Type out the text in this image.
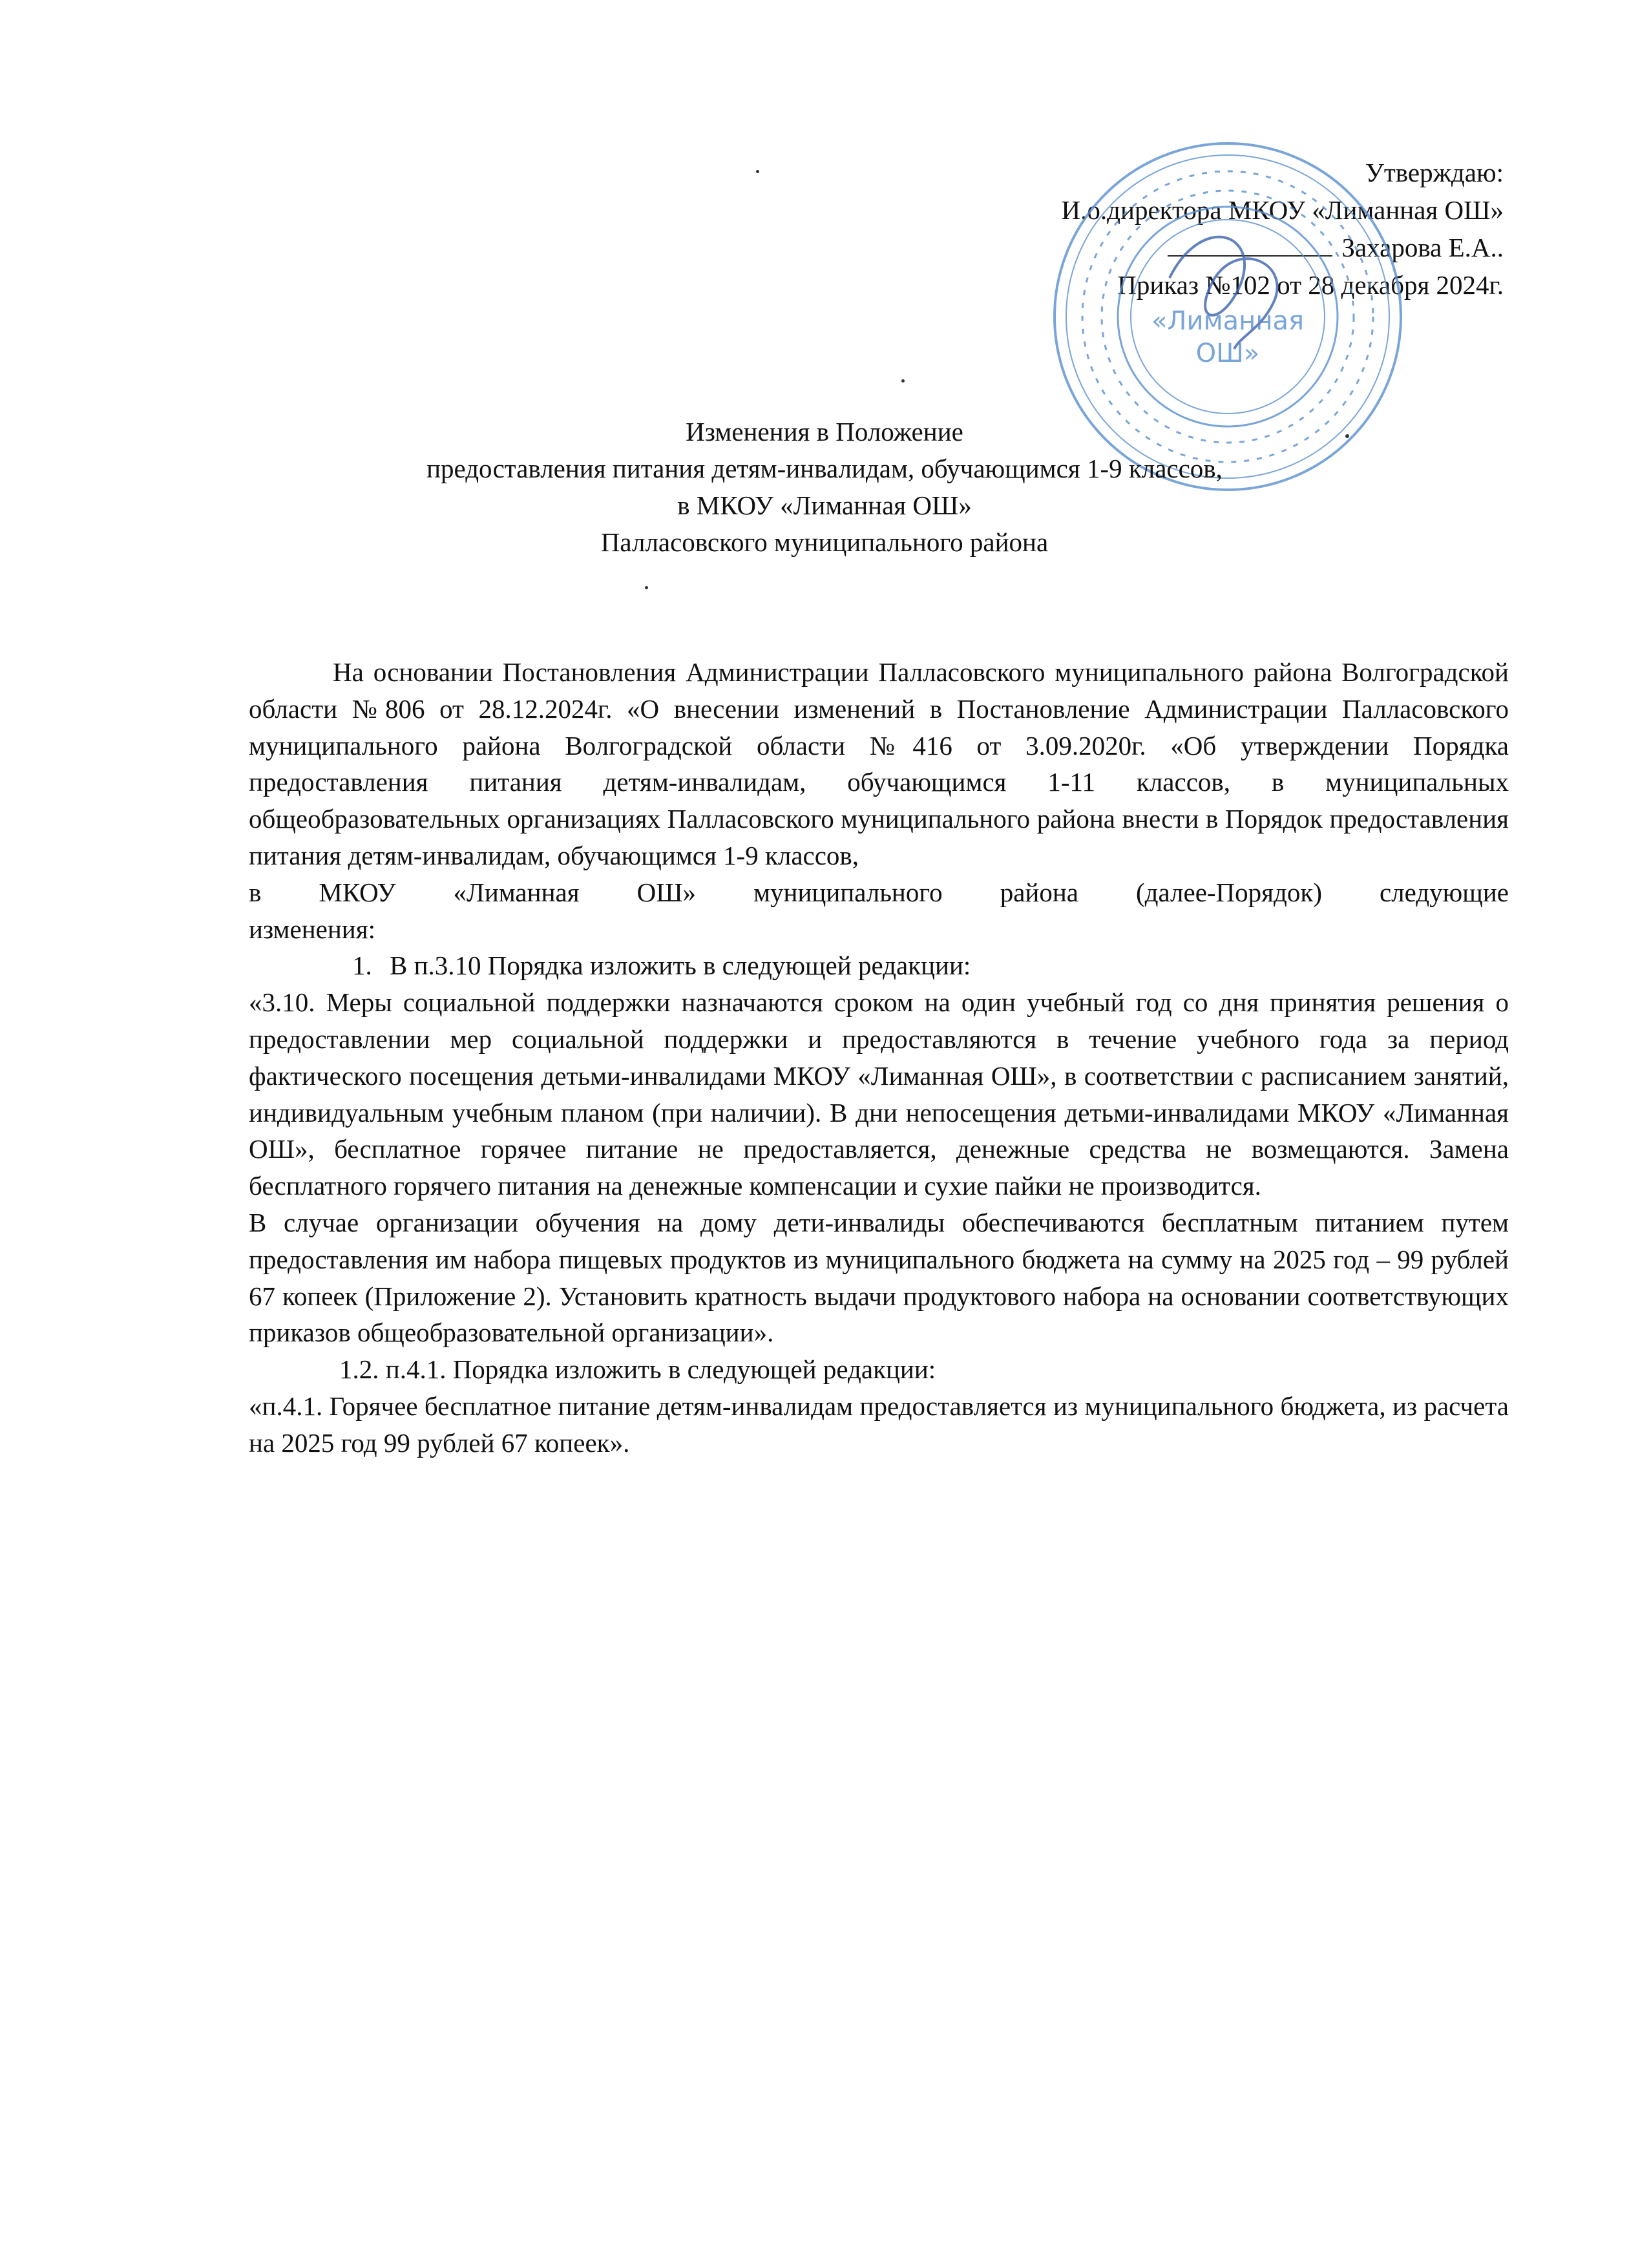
Утверждаю:
И.о.директора МКОУ «Лиманная ОШ»
Захарова Е.А..
Приказ №102 от 28 декабря 2024г.
«Лиманная
ОШ»
Изменения в Положение
предоставления питания детям-инвалидам, обучающимся 1-9 классов,
в МКОУ «Лиманная ОШ»
Палласовского муниципального района

На основании Постановления Администрации Палласовского муниципального района Волгоградской области №806 от 28.12.2024г. «О внесении изменений в Постановление Администрации Палласовского муниципального района Волгоградской области №416 от 3.09.2020г. «Об утверждении Порядка предоставления питания детям-инвалидам, обучающимся 1-11 классов, в муниципальных общеобразовательных организациях Палласовского муниципального района внести в Порядок предоставления питания детям-инвалидам, обучающимся 1-9 классов,

в МКОУ «Лиманная ОШ» муниципального района (далее-Порядок) следующие

изменения:

1. В п.3.10 Порядка изложить в следующей редакции:

«3.10. Меры социальной поддержки назначаются сроком на один учебный год со дня принятия решения о предоставлении мер социальной поддержки и предоставляются в течение учебного года за период фактического посещения детьми-инвалидами МКОУ «Лиманная ОШ», в соответствии с расписанием занятий, индивидуальным учебным планом (при наличии). В дни непосещения детьми-инвалидами МКОУ «Лиманная ОШ», бесплатное горячее питание не предоставляется, денежные средства не возмещаются. Замена бесплатного горячего питания на денежные компенсации и сухие пайки не производится.

В случае организации обучения на дому дети-инвалиды обеспечиваются бесплатным питанием путем предоставления им набора пищевых продуктов из муниципального бюджета на сумму на 2025 год – 99 рублей 67 копеек (Приложение 2). Установить кратность выдачи продуктового набора на основании соответствующих приказов общеобразовательной организации».

1.2. п.4.1. Порядка изложить в следующей редакции:

«п.4.1. Горячее бесплатное питание детям-инвалидам предоставляется из муниципального бюджета, из расчета на 2025 год 99 рублей 67 копеек».
